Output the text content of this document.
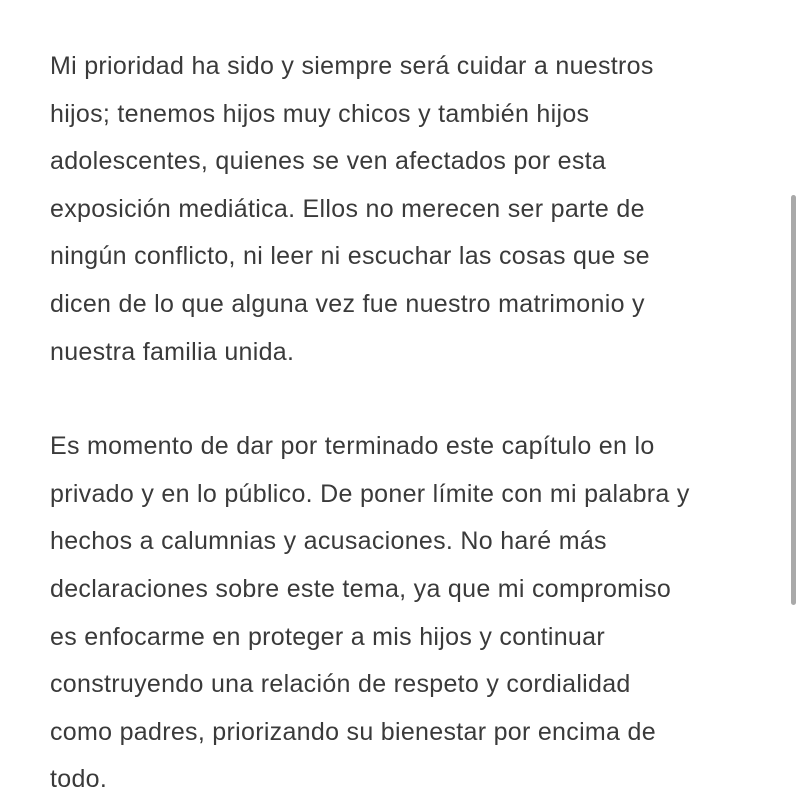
Mi prioridad ha sido y siempre será cuidar a nuestros
hijos; tenemos hijos muy chicos y también hijos
adolescentes, quienes se ven afectados por esta
exposición mediática. Ellos no merecen ser parte de
ningún conflicto, ni leer ni escuchar las cosas que se
dicen de lo que alguna vez fue nuestro matrimonio y
nuestra familia unida.

Es momento de dar por terminado este capítulo en lo
privado y en lo público. De poner límite con mi palabra y
hechos a calumnias y acusaciones. No haré más
declaraciones sobre este tema, ya que mi compromiso
es enfocarme en proteger a mis hijos y continuar
construyendo una relación de respeto y cordialidad
como padres, priorizando su bienestar por encima de
todo.
